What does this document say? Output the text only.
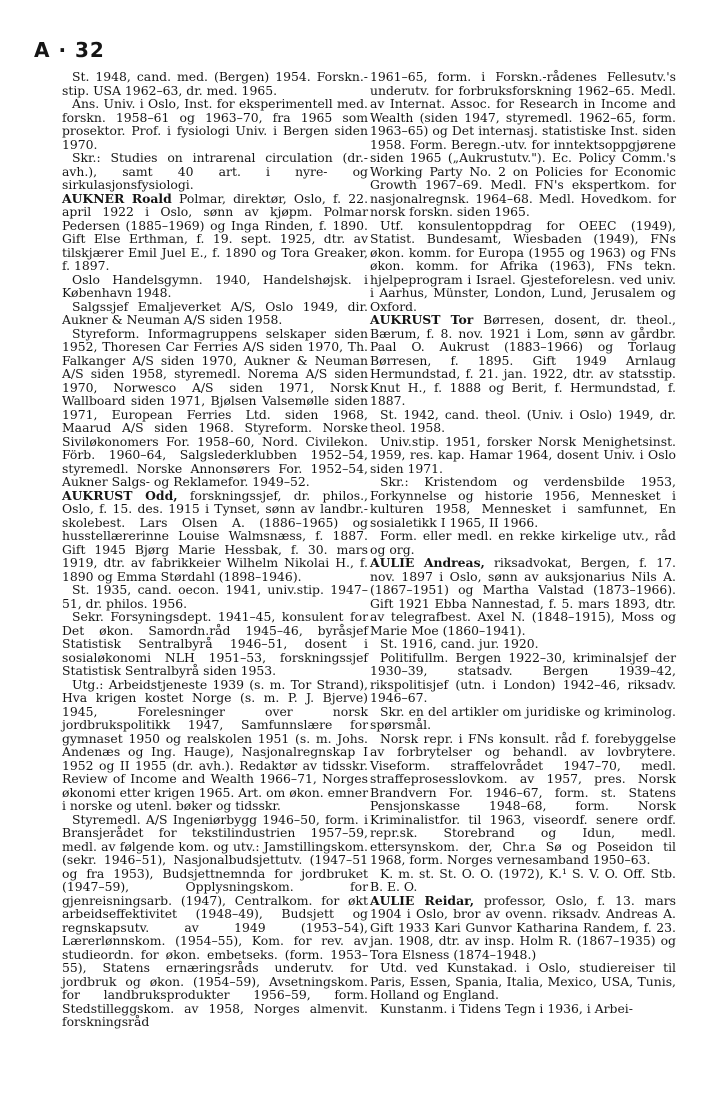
A · 32

St. 1948, cand. med. (Bergen) 1954. Forskn.-stip. USA 1962–63, dr. med. 1965.

Ans. Univ. i Oslo, Inst. for eksperimentell med. forskn. 1958–61 og 1963–70, fra 1965 som prosektor. Prof. i fysiologi Univ. i Bergen siden 1970.

Skr.: Studies on intrarenal circulation (dr.-avh.), samt 40 art. i nyre- og sirkulasjonsfysiologi.

AUKNER Roald Polmar, direktør, Oslo, f. 22. april 1922 i Oslo, sønn av kjøpm. Polmar Pedersen (1885–1969) og Inga Rinden, f. 1890. Gift Else Erthman, f. 19. sept. 1925, dtr. av tilskjærer Emil Juel E., f. 1890 og Tora Greaker, f. 1897.

Oslo Handelsgymn. 1940, Handelshøjsk. i København 1948.

Salgssjef Emaljeverket A/S, Oslo 1949, dir. Aukner & Neuman A/S siden 1958.

Styreform. Informagruppens selskaper siden 1952, Thoresen Car Ferries A/S siden 1970, Th. Falkanger A/S siden 1970, Aukner & Neuman A/S siden 1958, styremedl. Norema A/S siden 1970, Norwesco A/S siden 1971, Norsk Wallboard siden 1971, Bjølsen Valsemølle siden 1971, European Ferries Ltd. siden 1968, Maarud A/S siden 1968. Styreform. Norske Siviløkonomers For. 1958–60, Nord. Civilekon. Förb. 1960–64, Salgslederklubben 1952–54, styremedl. Norske Annonsørers For. 1952–54, Aukner Salgs- og Reklamefor. 1949–52.

AUKRUST Odd, forskningssjef, dr. philos., Oslo, f. 15. des. 1915 i Tynset, sønn av landbr.-skolebest. Lars Olsen A. (1886–1965) og husstellærerinne Louise Walmsnæss, f. 1887. Gift 1945 Bjørg Marie Hessbak, f. 30. mars 1919, dtr. av fabrikkeier Wilhelm Nikolai H., f. 1890 og Emma Størdahl (1898–1946).

St. 1935, cand. oecon. 1941, univ.stip. 1947–51, dr. philos. 1956.

Sekr. Forsyningsdept. 1941–45, konsulent for Det økon. Samordn.råd 1945–46, byråsjef Statistisk Sentralbyrå 1946–51, dosent i sosialøkonomi NLH 1951–53, forskningssjef Statistisk Sentralbyrå siden 1953.

Utg.: Arbeidstjeneste 1939 (s. m. Tor Strand), Hva krigen kostet Norge (s. m. P. J. Bjerve) 1945, Forelesninger over norsk jordbrukspolitikk 1947, Samfunnslære for gymnaset 1950 og realskolen 1951 (s. m. Johs. Andenæs og Ing. Hauge), Nasjonalregnskap I 1952 og II 1955 (dr. avh.). Redaktør av tidsskr. Review of Income and Wealth 1966–71, Norges økonomi etter krigen 1965. Art. om økon. emner i norske og utenl. bøker og tidsskr.

Styremedl. A/S Ingeniørbygg 1946–50, form. i Bransjerådet for tekstilindustrien 1957–59, medl. av følgende kom. og utv.: Jamstillingskom. (sekr. 1946–51), Nasjonalbudsjettutv. (1947–51 og fra 1953), Budsjettnemnda for jordbruket (1947–59), Opplysningskom. for gjenreisningsarb. (1947), Centralkom. for økt arbeidseffektivitet (1948–49), Budsjett og regnskapsutv. av 1949 (1953–54), Lærerlønnskom. (1954–55), Kom. for rev. av studieordn. for økon. embetseks. (form. 1953–55), Statens ernæringsråds underutv. for jordbruk og økon. (1954–59), Avsetningskom. for landbruksprodukter 1956–59, form. Stedstilleggskom. av 1958, Norges almenvit. forskningsråd

1961–65, form. i Forskn.-rådenes Fellesutv.'s underutv. for forbruksforskning 1962–65. Medl. av Internat. Assoc. for Research in Income and Wealth (siden 1947, styremedl. 1962–65, form. 1963–65) og Det internasj. statistiske Inst. siden 1958. Form. Beregn.-utv. for inntektsoppgjørene siden 1965 („Aukrustutv."). Ec. Policy Comm.'s Working Party No. 2 on Policies for Economic Growth 1967–69. Medl. FN's ekspertkom. for nasjonalregnsk. 1964–68. Medl. Hovedkom. for norsk forskn. siden 1965.

Utf. konsulentoppdrag for OEEC (1949), Statist. Bundesamt, Wiesbaden (1949), FNs økon. komm. for Europa (1955 og 1963) og FNs økon. komm. for Afrika (1963), FNs tekn. hjelpeprogram i Israel. Gjesteforelesn. ved univ. i Aarhus, Münster, London, Lund, Jerusalem og Oxford.

AUKRUST Tor Børresen, dosent, dr. theol., Bærum, f. 8. nov. 1921 i Lom, sønn av gårdbr. Paal O. Aukrust (1883–1966) og Torlaug Børresen, f. 1895. Gift 1949 Arnlaug Hermundstad, f. 21. jan. 1922, dtr. av statsstip. Knut H., f. 1888 og Berit, f. Hermundstad, f. 1887.

St. 1942, cand. theol. (Univ. i Oslo) 1949, dr. theol. 1958.

Univ.stip. 1951, forsker Norsk Menighetsinst. 1959, res. kap. Hamar 1964, dosent Univ. i Oslo siden 1971.

Skr.: Kristendom og verdensbilde 1953, Forkynnelse og historie 1956, Mennesket i kulturen 1958, Mennesket i samfunnet, En sosialetikk I 1965, II 1966.

Form. eller medl. en rekke kirkelige utv., råd og org.

AULIE Andreas, riksadvokat, Bergen, f. 17. nov. 1897 i Oslo, sønn av auksjonarius Nils A. (1867–1951) og Martha Valstad (1873–1966). Gift 1921 Ebba Nannestad, f. 5. mars 1893, dtr. av telegrafbest. Axel N. (1848–1915), Moss og Marie Moe (1860–1941).

St. 1916, cand. jur. 1920.

Politifullm. Bergen 1922–30, kriminalsjef der 1930–39, statsadv. Bergen 1939–42, rikspolitisjef (utn. i London) 1942–46, riksadv. 1946–67.

Skr. en del artikler om juridiske og kriminolog. spørsmål.

Norsk repr. i FNs konsult. råd f. forebyggelse av forbrytelser og behandl. av lovbrytere. Viseform. straffelovrådet 1947–70, medl. straffeprosesslovkom. av 1957, pres. Norsk Brandvern For. 1946–67, form. st. Statens Pensjonskasse 1948–68, form. Norsk Kriminalistfor. til 1963, viseordf. senere ordf. repr.sk. Storebrand og Idun, medl. ettersynskom. der, Chr.a Sø og Poseidon til 1968, form. Norges vernesamband 1950–63.

K. m. st. St. O. O. (1972), K.¹ S. V. O. Off. Stb. B. E. O.

AULIE Reidar, professor, Oslo, f. 13. mars 1904 i Oslo, bror av ovenn. riksadv. Andreas A. Gift 1933 Kari Gunvor Katharina Randem, f. 23. jan. 1908, dtr. av insp. Holm R. (1867–1935) og Tora Elsness (1874–1948.)

Utd. ved Kunstakad. i Oslo, studiereiser til Paris, Essen, Spania, Italia, Mexico, USA, Tunis, Holland og England.

Kunstanm. i Tidens Tegn i 1936, i Arbei-
